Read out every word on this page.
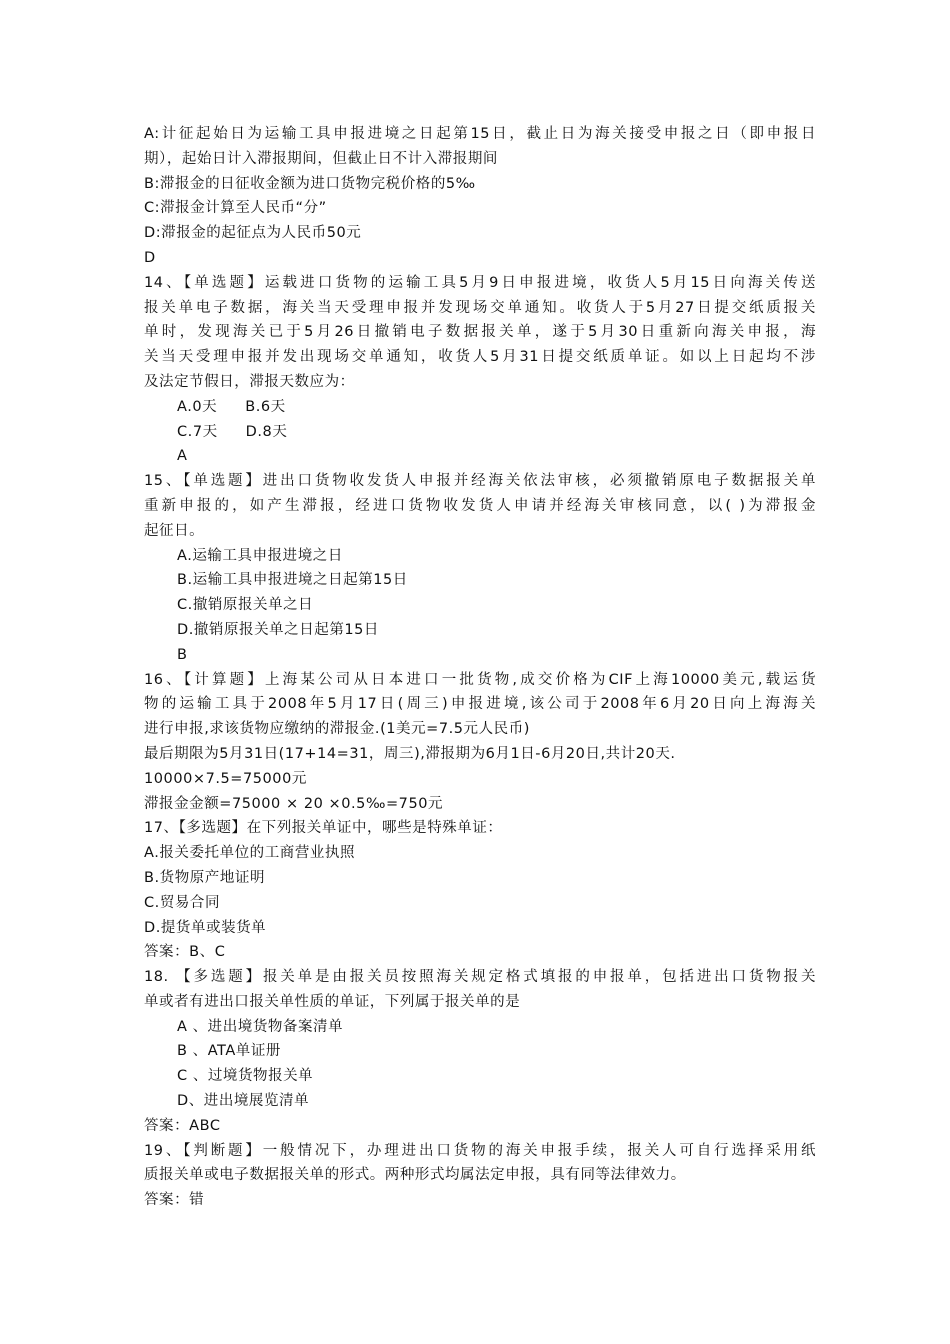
A:计征起始日为运输工具申报进境之日起第15日，截止日为海关接受申报之日（即申报日
期），起始日计入滞报期间，但截止日不计入滞报期间
B:滞报金的日征收金额为进口货物完税价格的5‰
C:滞报金计算至人民币“分”
D:滞报金的起征点为人民币50元
D
14、【单选题】运载进口货物的运输工具5月9日申报进境，收货人5月15日向海关传送
报关单电子数据，海关当天受理申报并发现场交单通知。收货人于5月27日提交纸质报关
单时，发现海关已于5月26日撤销电子数据报关单，遂于5月30日重新向海关申报，海
关当天受理申报并发出现场交单通知，收货人5月31日提交纸质单证。如以上日起均不涉
及法定节假日，滞报天数应为：
A.0天 B.6天
C.7天 D.8天
A
15、【单选题】进出口货物收发货人申报并经海关依法审核，必须撤销原电子数据报关单
重新申报的，如产生滞报，经进口货物收发货人申请并经海关审核同意，以( )为滞报金
起征日。
A.运输工具申报进境之日
B.运输工具申报进境之日起第15日
C.撤销原报关单之日
D.撤销原报关单之日起第15日
B
16、【计算题】上海某公司从日本进口一批货物,成交价格为CIF上海10000美元,载运货
物的运输工具于2008年5月17日(周三)申报进境,该公司于2008年6月20日向上海海关
进行申报,求该货物应缴纳的滞报金.(1美元=7.5元人民币)
最后期限为5月31日(17+14=31，周三),滞报期为6月1日-6月20日,共计20天.
10000×7.5=75000元
滞报金金额=75000 × 20 ×0.5‰=750元
17、【多选题】在下列报关单证中，哪些是特殊单证：
A.报关委托单位的工商营业执照
B.货物原产地证明
C.贸易合同
D.提货单或装货单
答案：B、C
18. 【多选题】报关单是由报关员按照海关规定格式填报的申报单，包括进出口货物报关
单或者有进出口报关单性质的单证，下列属于报关单的是
A 、进出境货物备案清单
B 、ATA单证册
C 、过境货物报关单
D、进出境展览清单
答案：ABC
19、【判断题】一般情况下，办理进出口货物的海关申报手续，报关人可自行选择采用纸
质报关单或电子数据报关单的形式。两种形式均属法定申报，具有同等法律效力。
答案：错
